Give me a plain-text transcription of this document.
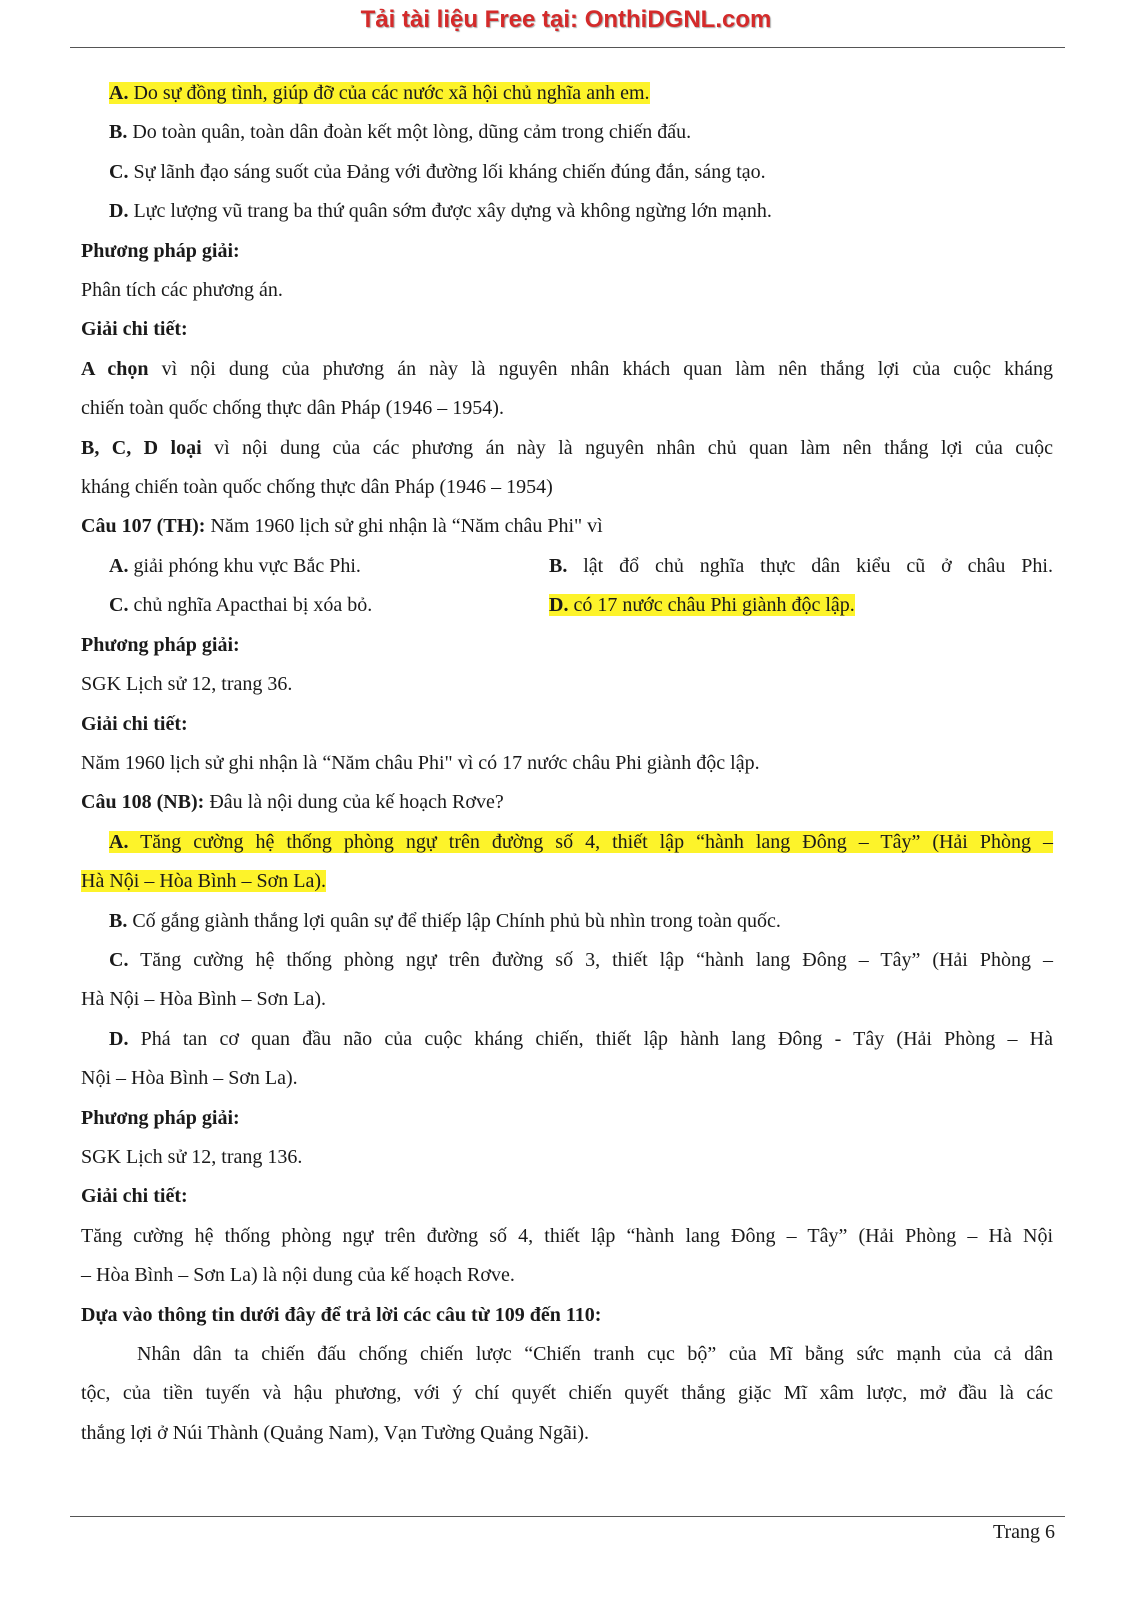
Tải tài liệu Free tại: OnthiDGNL.com
A. Do sự đồng tình, giúp đỡ của các nước xã hội chủ nghĩa anh em.
B. Do toàn quân, toàn dân đoàn kết một lòng, dũng cảm trong chiến đấu.
C. Sự lãnh đạo sáng suốt của Đảng với đường lối kháng chiến đúng đắn, sáng tạo.
D. Lực lượng vũ trang ba thứ quân sớm được xây dựng và không ngừng lớn mạnh.
Phương pháp giải:
Phân tích các phương án.
Giải chi tiết:
A chọn vì nội dung của phương án này là nguyên nhân khách quan làm nên thắng lợi của cuộc kháng
chiến toàn quốc chống thực dân Pháp (1946 – 1954).
B, C, D loại vì nội dung của các phương án này là nguyên nhân chủ quan làm nên thắng lợi của cuộc
kháng chiến toàn quốc chống thực dân Pháp (1946 – 1954)
Câu 107 (TH): Năm 1960 lịch sử ghi nhận là “Năm châu Phi" vì
A. giải phóng khu vực Bắc Phi.	B. lật đổ chủ nghĩa thực dân kiểu cũ ở châu Phi.
C. chủ nghĩa Apacthai bị xóa bỏ.	D. có 17 nước châu Phi giành độc lập.
Phương pháp giải:
SGK Lịch sử 12, trang 36.
Giải chi tiết:
Năm 1960 lịch sử ghi nhận là “Năm châu Phi" vì có 17 nước châu Phi giành độc lập.
Câu 108 (NB): Đâu là nội dung của kế hoạch Rơve?
A. Tăng cường hệ thống phòng ngự trên đường số 4, thiết lập “hành lang Đông – Tây” (Hải Phòng –
Hà Nội – Hòa Bình – Sơn La).
B. Cố gắng giành thắng lợi quân sự để thiếp lập Chính phủ bù nhìn trong toàn quốc.
C. Tăng cường hệ thống phòng ngự trên đường số 3, thiết lập “hành lang Đông – Tây” (Hải Phòng –
Hà Nội – Hòa Bình – Sơn La).
D. Phá tan cơ quan đầu não của cuộc kháng chiến, thiết lập hành lang Đông - Tây (Hải Phòng – Hà
Nội – Hòa Bình – Sơn La).
Phương pháp giải:
SGK Lịch sử 12, trang 136.
Giải chi tiết:
Tăng cường hệ thống phòng ngự trên đường số 4, thiết lập “hành lang Đông – Tây” (Hải Phòng – Hà Nội
– Hòa Bình – Sơn La) là nội dung của kế hoạch Rơve.
Dựa vào thông tin dưới đây để trả lời các câu từ 109 đến 110:
Nhân dân ta chiến đấu chống chiến lược “Chiến tranh cục bộ” của Mĩ bằng sức mạnh của cả dân
tộc, của tiền tuyến và hậu phương, với ý chí quyết chiến quyết thắng giặc Mĩ xâm lược, mở đầu là các
thắng lợi ở Núi Thành (Quảng Nam), Vạn Tường Quảng Ngãi).
Trang 6
